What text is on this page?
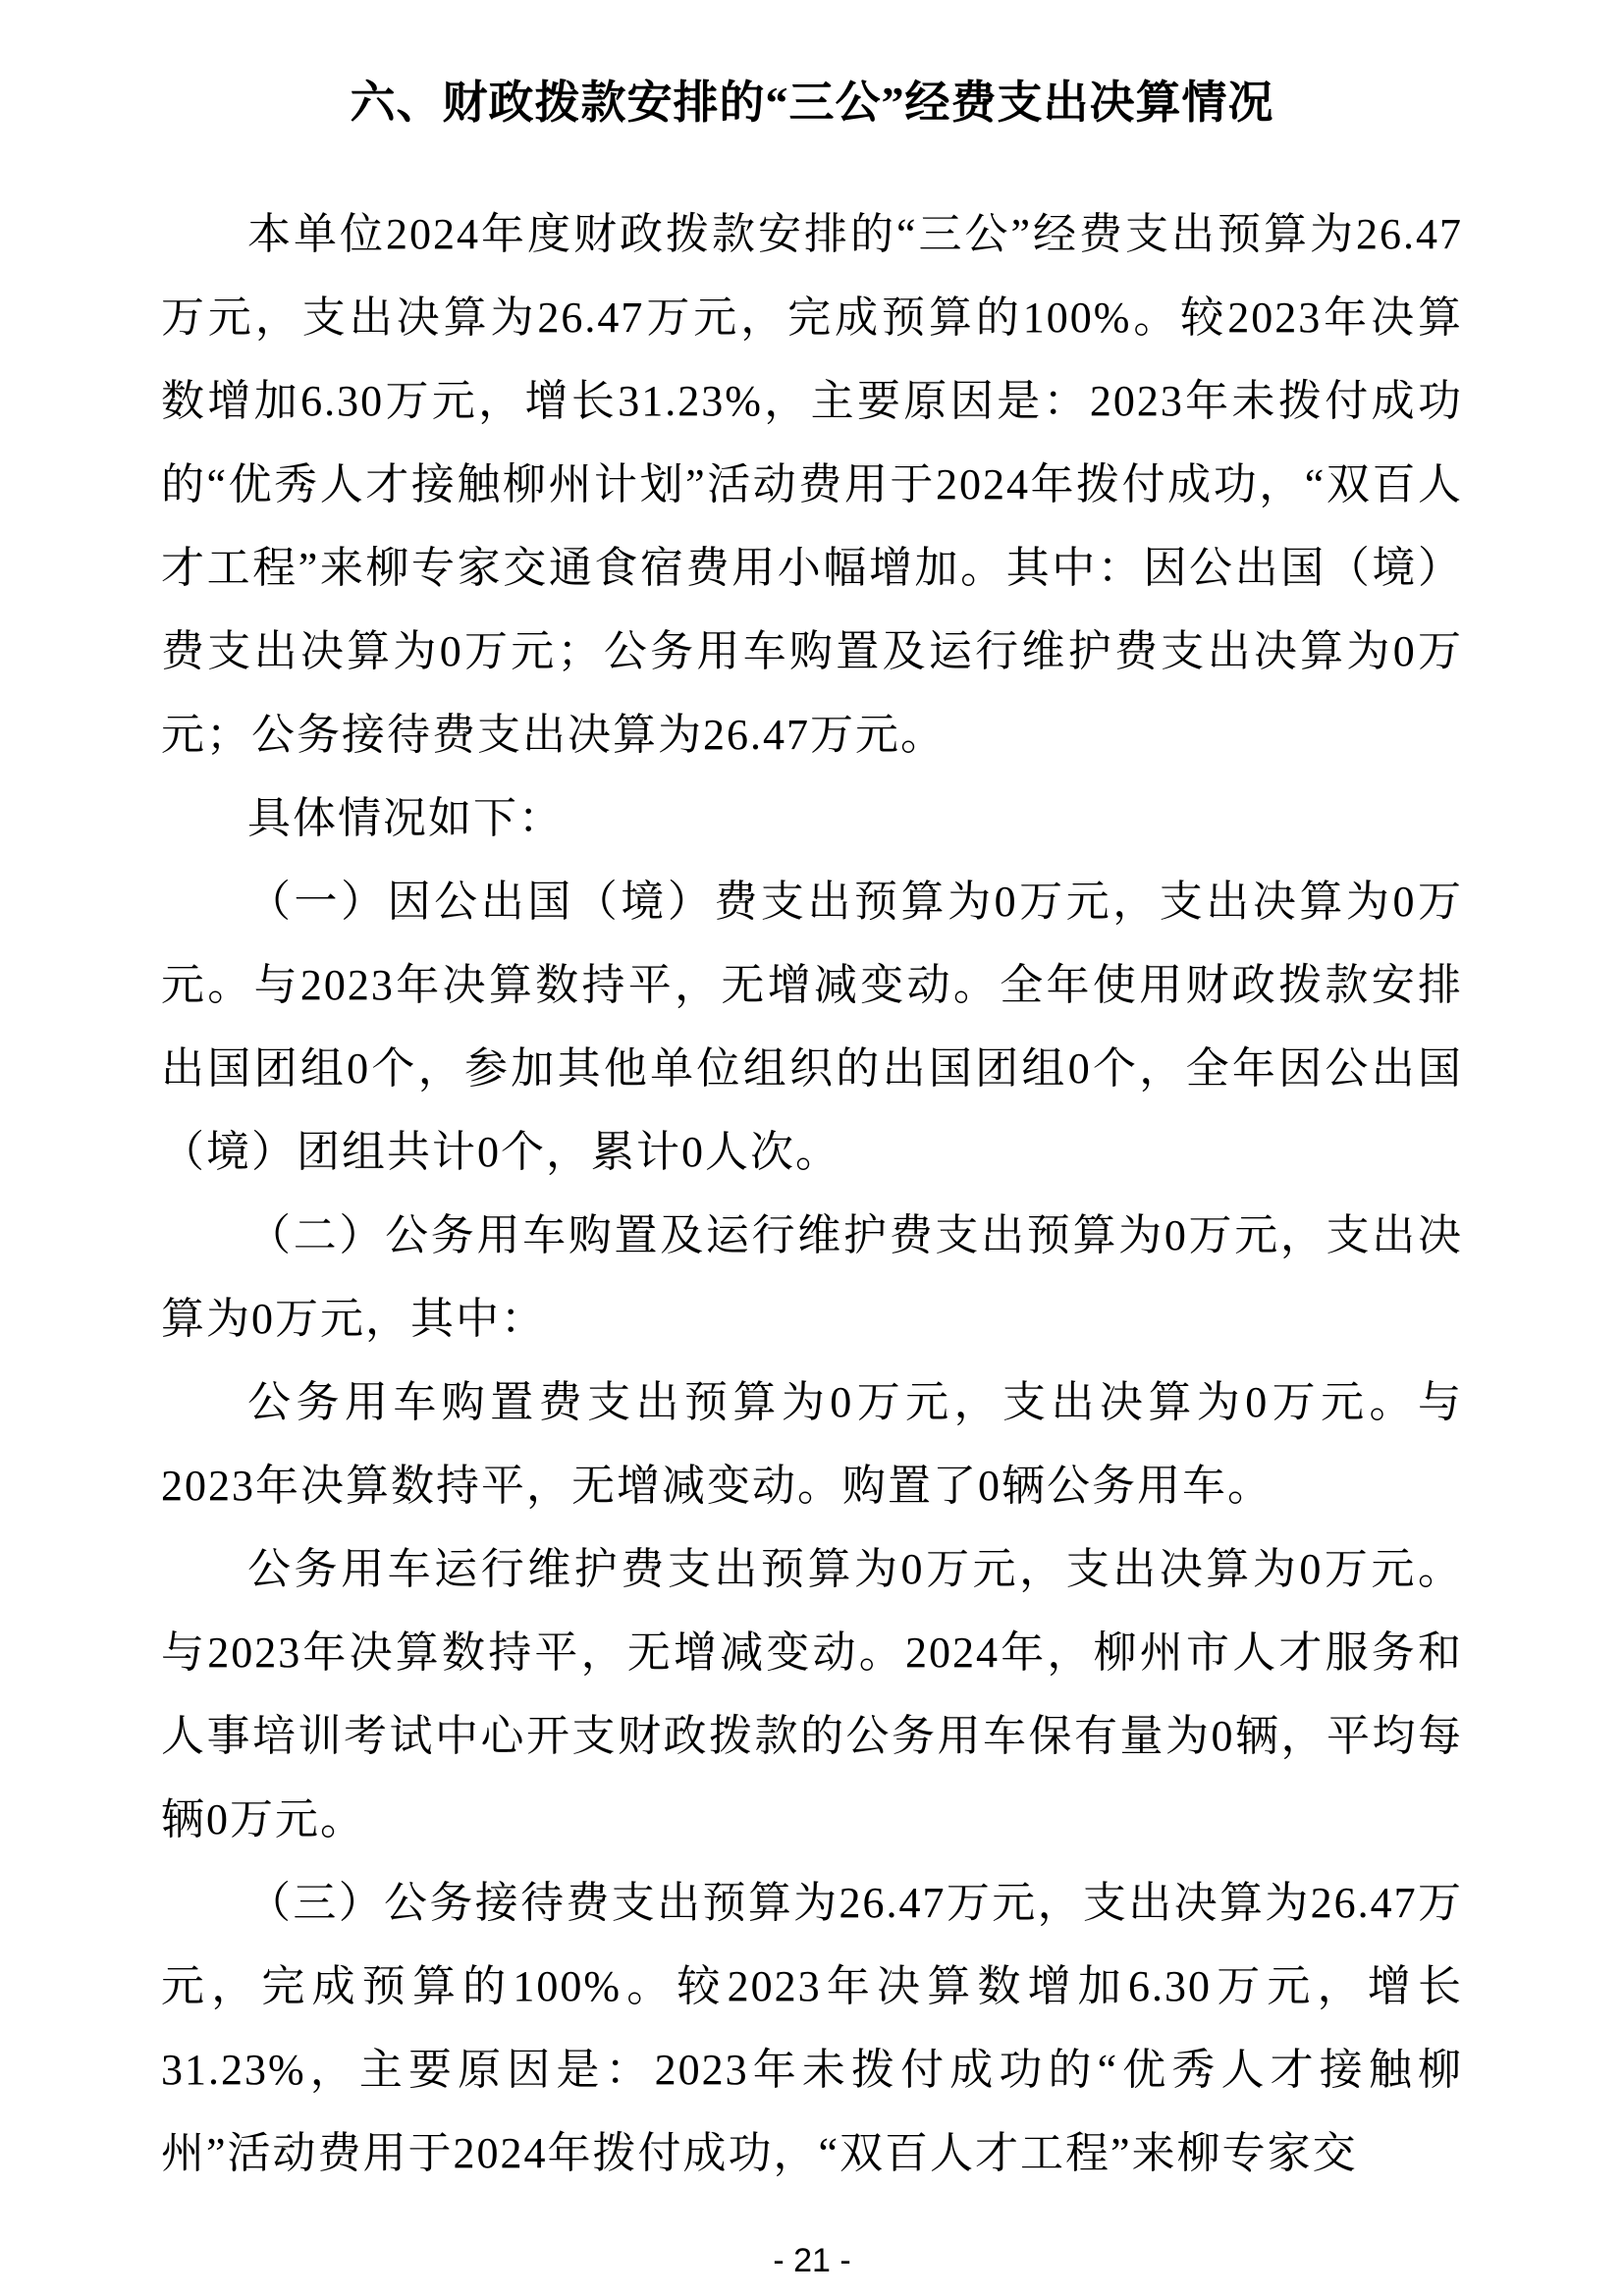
六、财政拨款安排的“三公”经费支出决算情况

本单位2024年度财政拨款安排的“三公”经费支出预算为26.47万元，支出决算为26.47万元，完成预算的100%。较2023年决算数增加6.30万元，增长31.23%，主要原因是：2023年未拨付成功的“优秀人才接触柳州计划”活动费用于2024年拨付成功，“双百人才工程”来柳专家交通食宿费用小幅增加。其中：因公出国（境）费支出决算为0万元；公务用车购置及运行维护费支出决算为0万元；公务接待费支出决算为26.47万元。

具体情况如下：

（一）因公出国（境）费支出预算为0万元，支出决算为0万元。与2023年决算数持平，无增减变动。全年使用财政拨款安排出国团组0个，参加其他单位组织的出国团组0个，全年因公出国（境）团组共计0个，累计0人次。

（二）公务用车购置及运行维护费支出预算为0万元，支出决算为0万元，其中：

公务用车购置费支出预算为0万元，支出决算为0万元。与2023年决算数持平，无增减变动。购置了0辆公务用车。

公务用车运行维护费支出预算为0万元，支出决算为0万元。与2023年决算数持平，无增减变动。2024年，柳州市人才服务和人事培训考试中心开支财政拨款的公务用车保有量为0辆，平均每辆0万元。

（三）公务接待费支出预算为26.47万元，支出决算为26.47万元，完成预算的100%。较2023年决算数增加6.30万元，增长31.23%，主要原因是：2023年未拨付成功的“优秀人才接触柳州”活动费用于2024年拨付成功，“双百人才工程”来柳专家交

- 21 -
